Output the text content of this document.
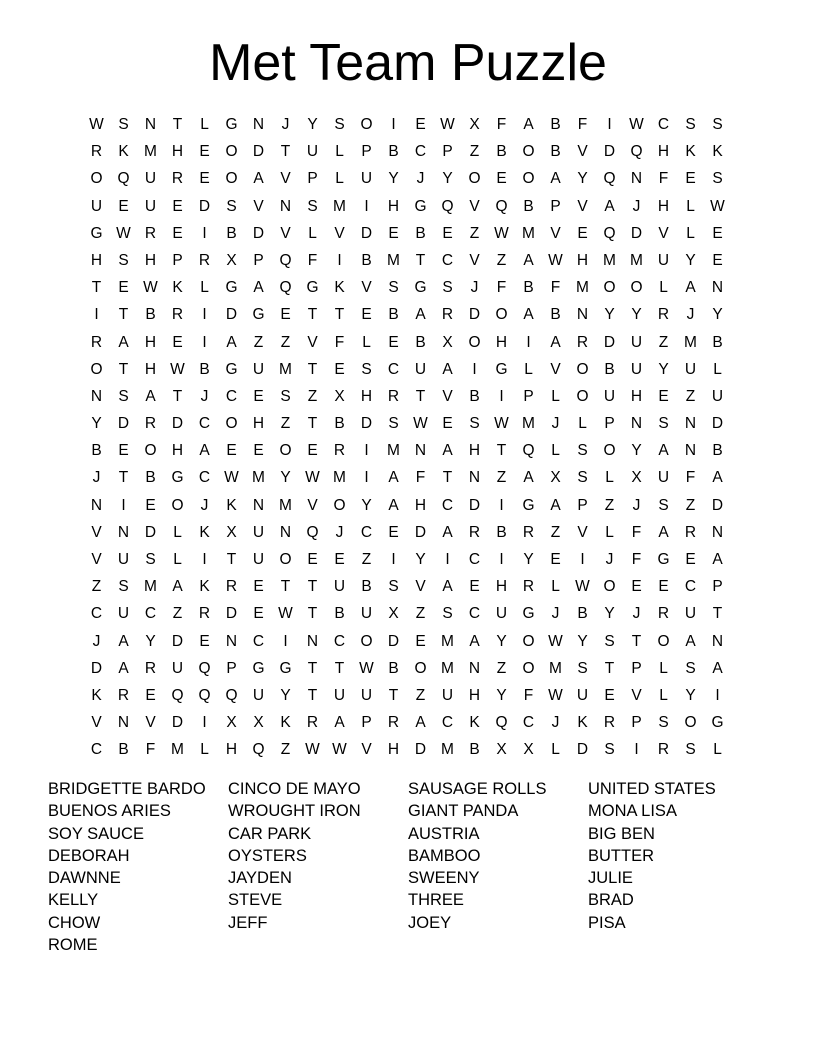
Met Team Puzzle
W S	N	T	L	G N	J	Y	S	O	I	E W X	F	A	B	F	I	W C	S	S
R	K M H	E	O D	T	U	L	P	B	C	P	Z	B	O	B	V	D Q H	K	K
O Q U	R	E	O	A	V	P	L	U	Y	J	Y	O	E	O	A	Y	Q N	F	E	S
U	E	U	E	D	S	V	N	S M	I	H G Q	V	Q	B	P	V	A	J	H	L W
G W R	E	I	B	D	V	L	V	D	E	B	E	Z W M V	E	Q D	V	L	E
H	S	H	P	R	X	P	Q	F	I	B M	T	C	V	Z	A W H M M U	Y	E
T	E W K	L	G	A	Q G	K	V	S	G	S	J	F	B	F	M O O	L	A	N
I	T	B	R	I	D G	E	T	T	E	B	A	R	D O	A	B	N	Y	Y	R	J	Y
R	A	H	E	I	A	Z	Z	V	F	L	E	B	X	O H	I	A	R	D	U	Z	M B
O	T	H W B	G U M	T	E	S	C	U	A	I	G	L	V	O	B	U	Y	U	L
N	S	A	T	J	C	E	S	Z	X	H	R	T	V	B	I	P	L	O U	H	E	Z	U
Y	D	R	D	C O H	Z	T	B	D	S W E	S W M	J	L	P	N	S	N	D
B	E	O H	A	E	E	O	E	R	I	M N	A	H	T	Q	L	S	O	Y	A	N	B
J	T	B	G C W M Y W M	I	A	F	T	N	Z	A	X	S	L	X	U	F	A
N	I	E	O	J	K	N M V	O	Y	A	H	C	D	I	G	A	P	Z	J	S	Z	D
V	N	D	L	K	X	U	N Q	J	C	E	D	A	R	B	R	Z	V	L	F	A	R	N
V	U	S	L	I	T	U O	E	E	Z	I	Y	I	C	I	Y	E	I	J	F	G	E	A
Z	S M A	K	R	E	T	T	U	B	S	V	A	E	H	R	L W O	E	E	C	P
C	U	C	Z	R	D	E W T	B	U	X	Z	S	C	U G	J	B	Y	J	R	U	T
J	A	Y	D	E	N	C	I	N	C O D	E M A	Y	O W Y	S	T	O	A	N
D	A	R	U Q	P	G G	T	T W B	O M N	Z	O M S	T	P	L	S	A
K	R	E	Q Q Q U	Y	T	U	U	T	Z	U	H	Y	F W U	E	V	L	Y	I
V	N	V	D	I	X	X	K	R	A	P	R	A	C	K	Q C	J	K	R	P	S	O G
C	B	F	M	L	H Q	Z W W V	H	D M B	X	X	L	D	S	I	R	S	L
BRIDGETTE BARDO	CINCO DE MAYO	SAUSAGE ROLLS	UNITED STATES
BUENOS ARIES	WROUGHT IRON	GIANT PANDA	MONA LISA
SOY SAUCE	CAR PARK	AUSTRIA	BIG BEN
DEBORAH	OYSTERS	BAMBOO	BUTTER
DAWNNE	JAYDEN	SWEENY	JULIE
KELLY	STEVE	THREE	BRAD
CHOW	JEFF	JOEY	PISA
ROME
